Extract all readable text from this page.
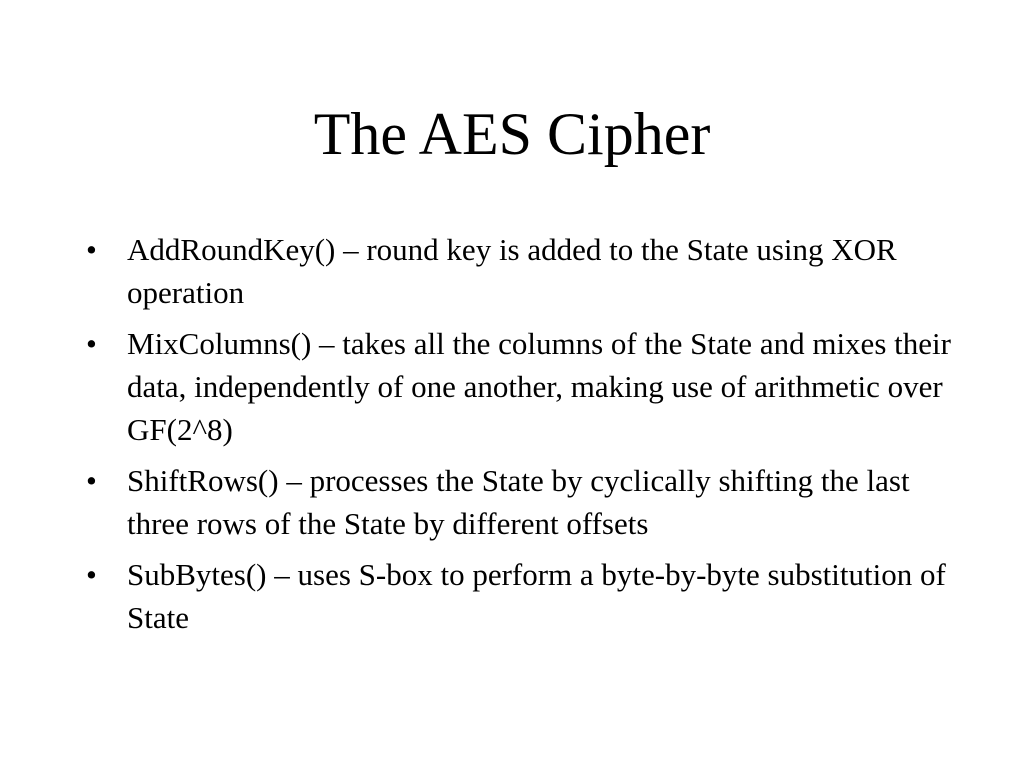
The AES Cipher
• AddRoundKey() – round key is added to the State using XOR operation
• MixColumns() – takes all the columns of the State and mixes their data, independently of one another, making use of arithmetic over GF(2^8)
• ShiftRows() – processes the State by cyclically shifting the last three rows of the State by different offsets
• SubBytes() – uses S-box to perform a byte-by-byte substitution of State
